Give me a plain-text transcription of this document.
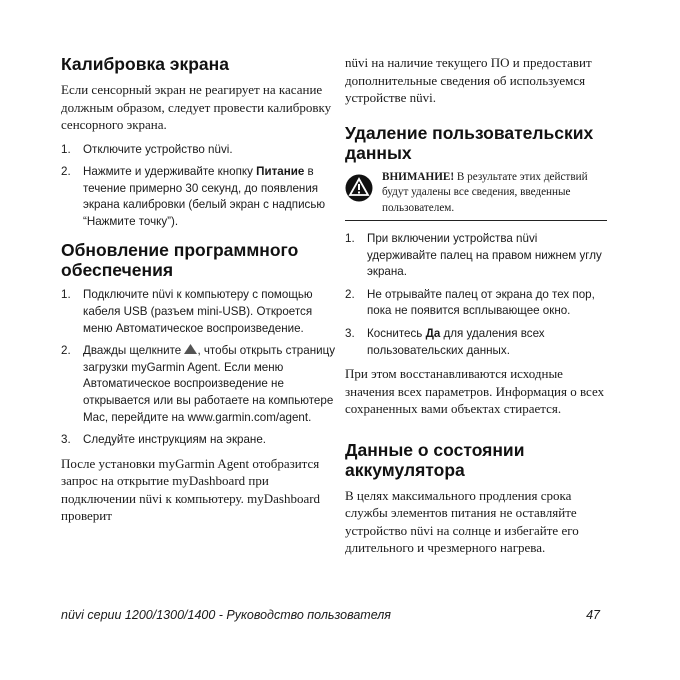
Калибровка экрана

Если сенсорный экран не реагирует на касание должным образом, следует провести калибровку сенсорного экрана.

1. Отключите устройство nüvi.
2. Нажмите и удерживайте кнопку Питание в течение примерно 30 секунд, до появления экрана калибровки (белый экран с надписью “Нажмите точку”).
Обновление программного обеспечения
1. Подключите nüvi к компьютеру с помощью кабеля USB (разъем mini-USB). Откроется меню Автоматическое воспроизведение.
2. Дважды щелкните , чтобы открыть страницу загрузки myGarmin Agent. Если меню Автоматическое воспроизведение не открывается или вы работаете на компьютере Mac, перейдите на www.garmin.com/agent.
3. Следуйте инструкциям на экране.

После установки myGarmin Agent отобразится запрос на открытие myDashboard при подключении nüvi к компьютеру. myDashboard проверит

nüvi на наличие текущего ПО и предоставит дополнительные сведения об используемся устройстве nüvi.

Удаление пользовательских данных
ВНИМАНИЕ! В результате этих действий будут удалены все сведения, введенные пользователем.
1. При включении устройства nüvi удерживайте палец на правом нижнем углу экрана.
2. Не отрывайте палец от экрана до тех пор, пока не появится всплывающее окно.
3. Коснитесь Да для удаления всех пользовательских данных.

При этом восстанавливаются исходные значения всех параметров. Информация о всех сохраненных вами объектах стирается.

Данные о состоянии аккумулятора

В целях максимального продления срока службы элементов питания не оставляйте устройство nüvi на солнце и избегайте его длительного и чрезмерного нагрева.

nüvi серии 1200/1300/1400 - Руководство пользователя	47
